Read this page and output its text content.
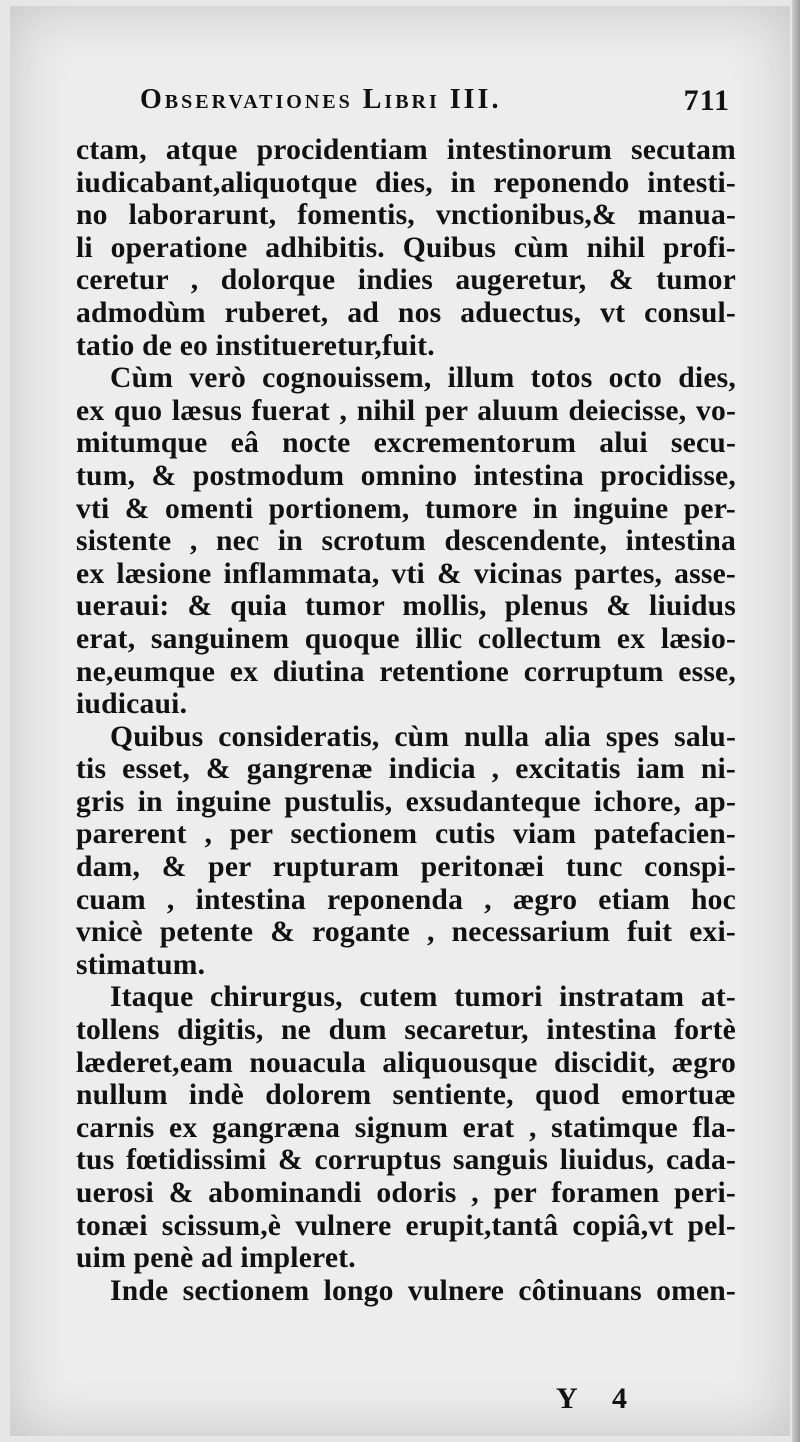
Observationes Libri III.	711
ctam, atque procidentiam intestinorum secutam
iudicabant,aliquotque dies, in reponendo intesti-
no laborarunt, fomentis, vnctionibus,& manua-
li operatione adhibitis. Quibus cùm nihil profi-
ceretur , dolorque indies augeretur, & tumor
admodùm ruberet, ad nos aduectus, vt consul-
tatio de eo institueretur,fuit.
Cùm verò cognouissem, illum totos octo dies,
ex quo læsus fuerat , nihil per aluum deiecisse, vo-
mitumque eâ nocte excrementorum alui secu-
tum, & postmodum omnino intestina procidisse,
vti & omenti portionem, tumore in inguine per-
sistente , nec in scrotum descendente, intestina
ex læsione inflammata, vti & vicinas partes, asse-
ueraui: & quia tumor mollis, plenus & liuidus
erat, sanguinem quoque illic collectum ex læsio-
ne,eumque ex diutina retentione corruptum esse,
iudicaui.
Quibus consideratis, cùm nulla alia spes salu-
tis esset, & gangrenæ indicia , excitatis iam ni-
gris in inguine pustulis, exsudanteque ichore, ap-
parerent , per sectionem cutis viam patefacien-
dam, & per rupturam peritonæi tunc conspi-
cuam , intestina reponenda , ægro etiam hoc
vnicè petente & rogante , necessarium fuit exi-
stimatum.
Itaque chirurgus, cutem tumori instratam at-
tollens digitis, ne dum secaretur, intestina fortè
læderet,eam nouacula aliquousque discidit, ægro
nullum indè dolorem sentiente, quod emortuæ
carnis ex gangræna signum erat , statimque fla-
tus fœtidissimi & corruptus sanguis liuidus, cada-
uerosi & abominandi odoris , per foramen peri-
tonæi scissum,è vulnere erupit,tantâ copiâ,vt pel-
uim penè ad impleret.
Inde sectionem longo vulnere côtinuans omen-
Y 4
